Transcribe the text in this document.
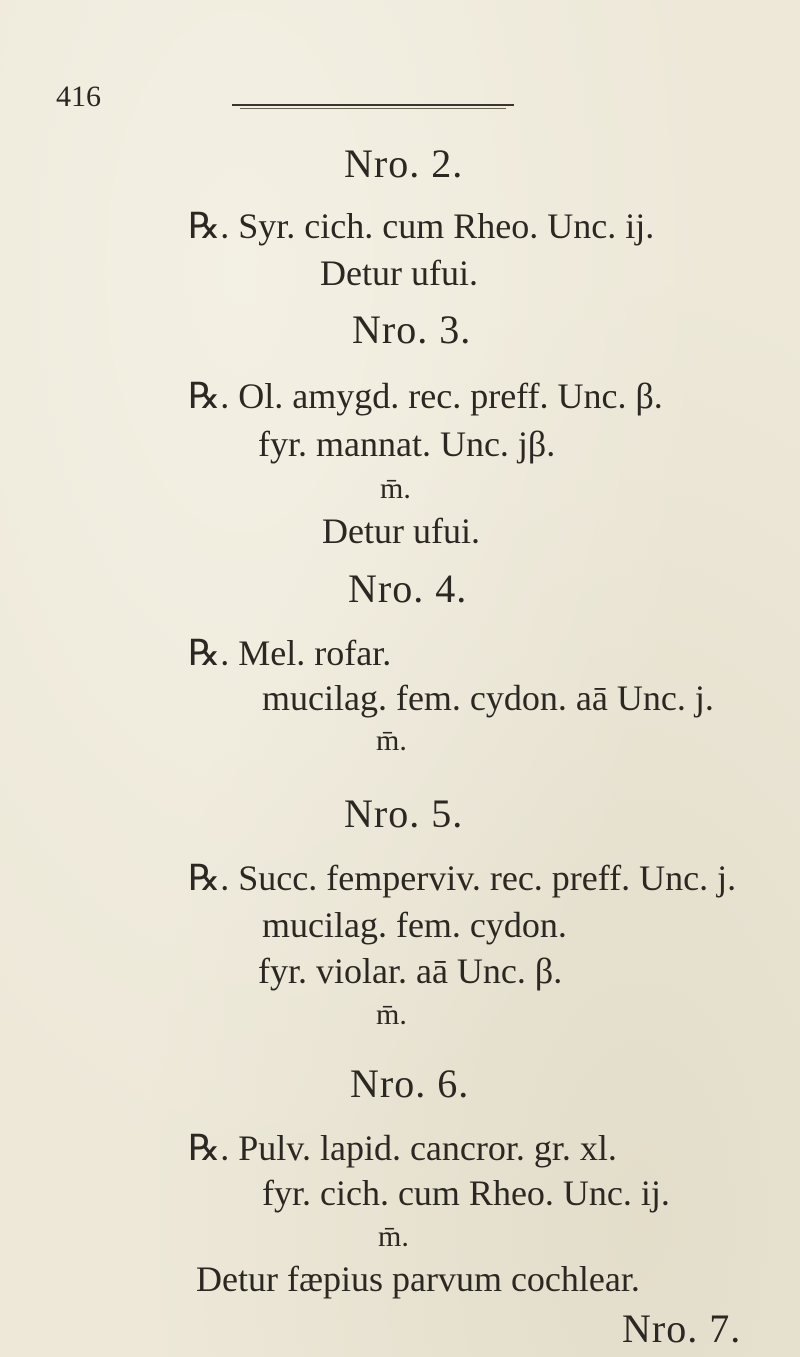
416
Nro. 2.
℞. Syr. cich. cum Rheo. Unc. ij.
Detur ufui.
Nro. 3.
℞. Ol. amygd. rec. preff. Unc. β.
fyr. mannat. Unc. jβ.
m̄.
Detur ufui.
Nro. 4.
℞. Mel. rofar.
mucilag. fem. cydon. aā Unc. j.
m̄.
Nro. 5.
℞. Succ. femperviv. rec. preff. Unc. j.
mucilag. fem. cydon.
fyr. violar. aā Unc. β.
m̄.
Nro. 6.
℞. Pulv. lapid. cancror. gr. xl.
fyr. cich. cum Rheo. Unc. ij.
m̄.
Detur fæpius parvum cochlear.
Nro. 7.
